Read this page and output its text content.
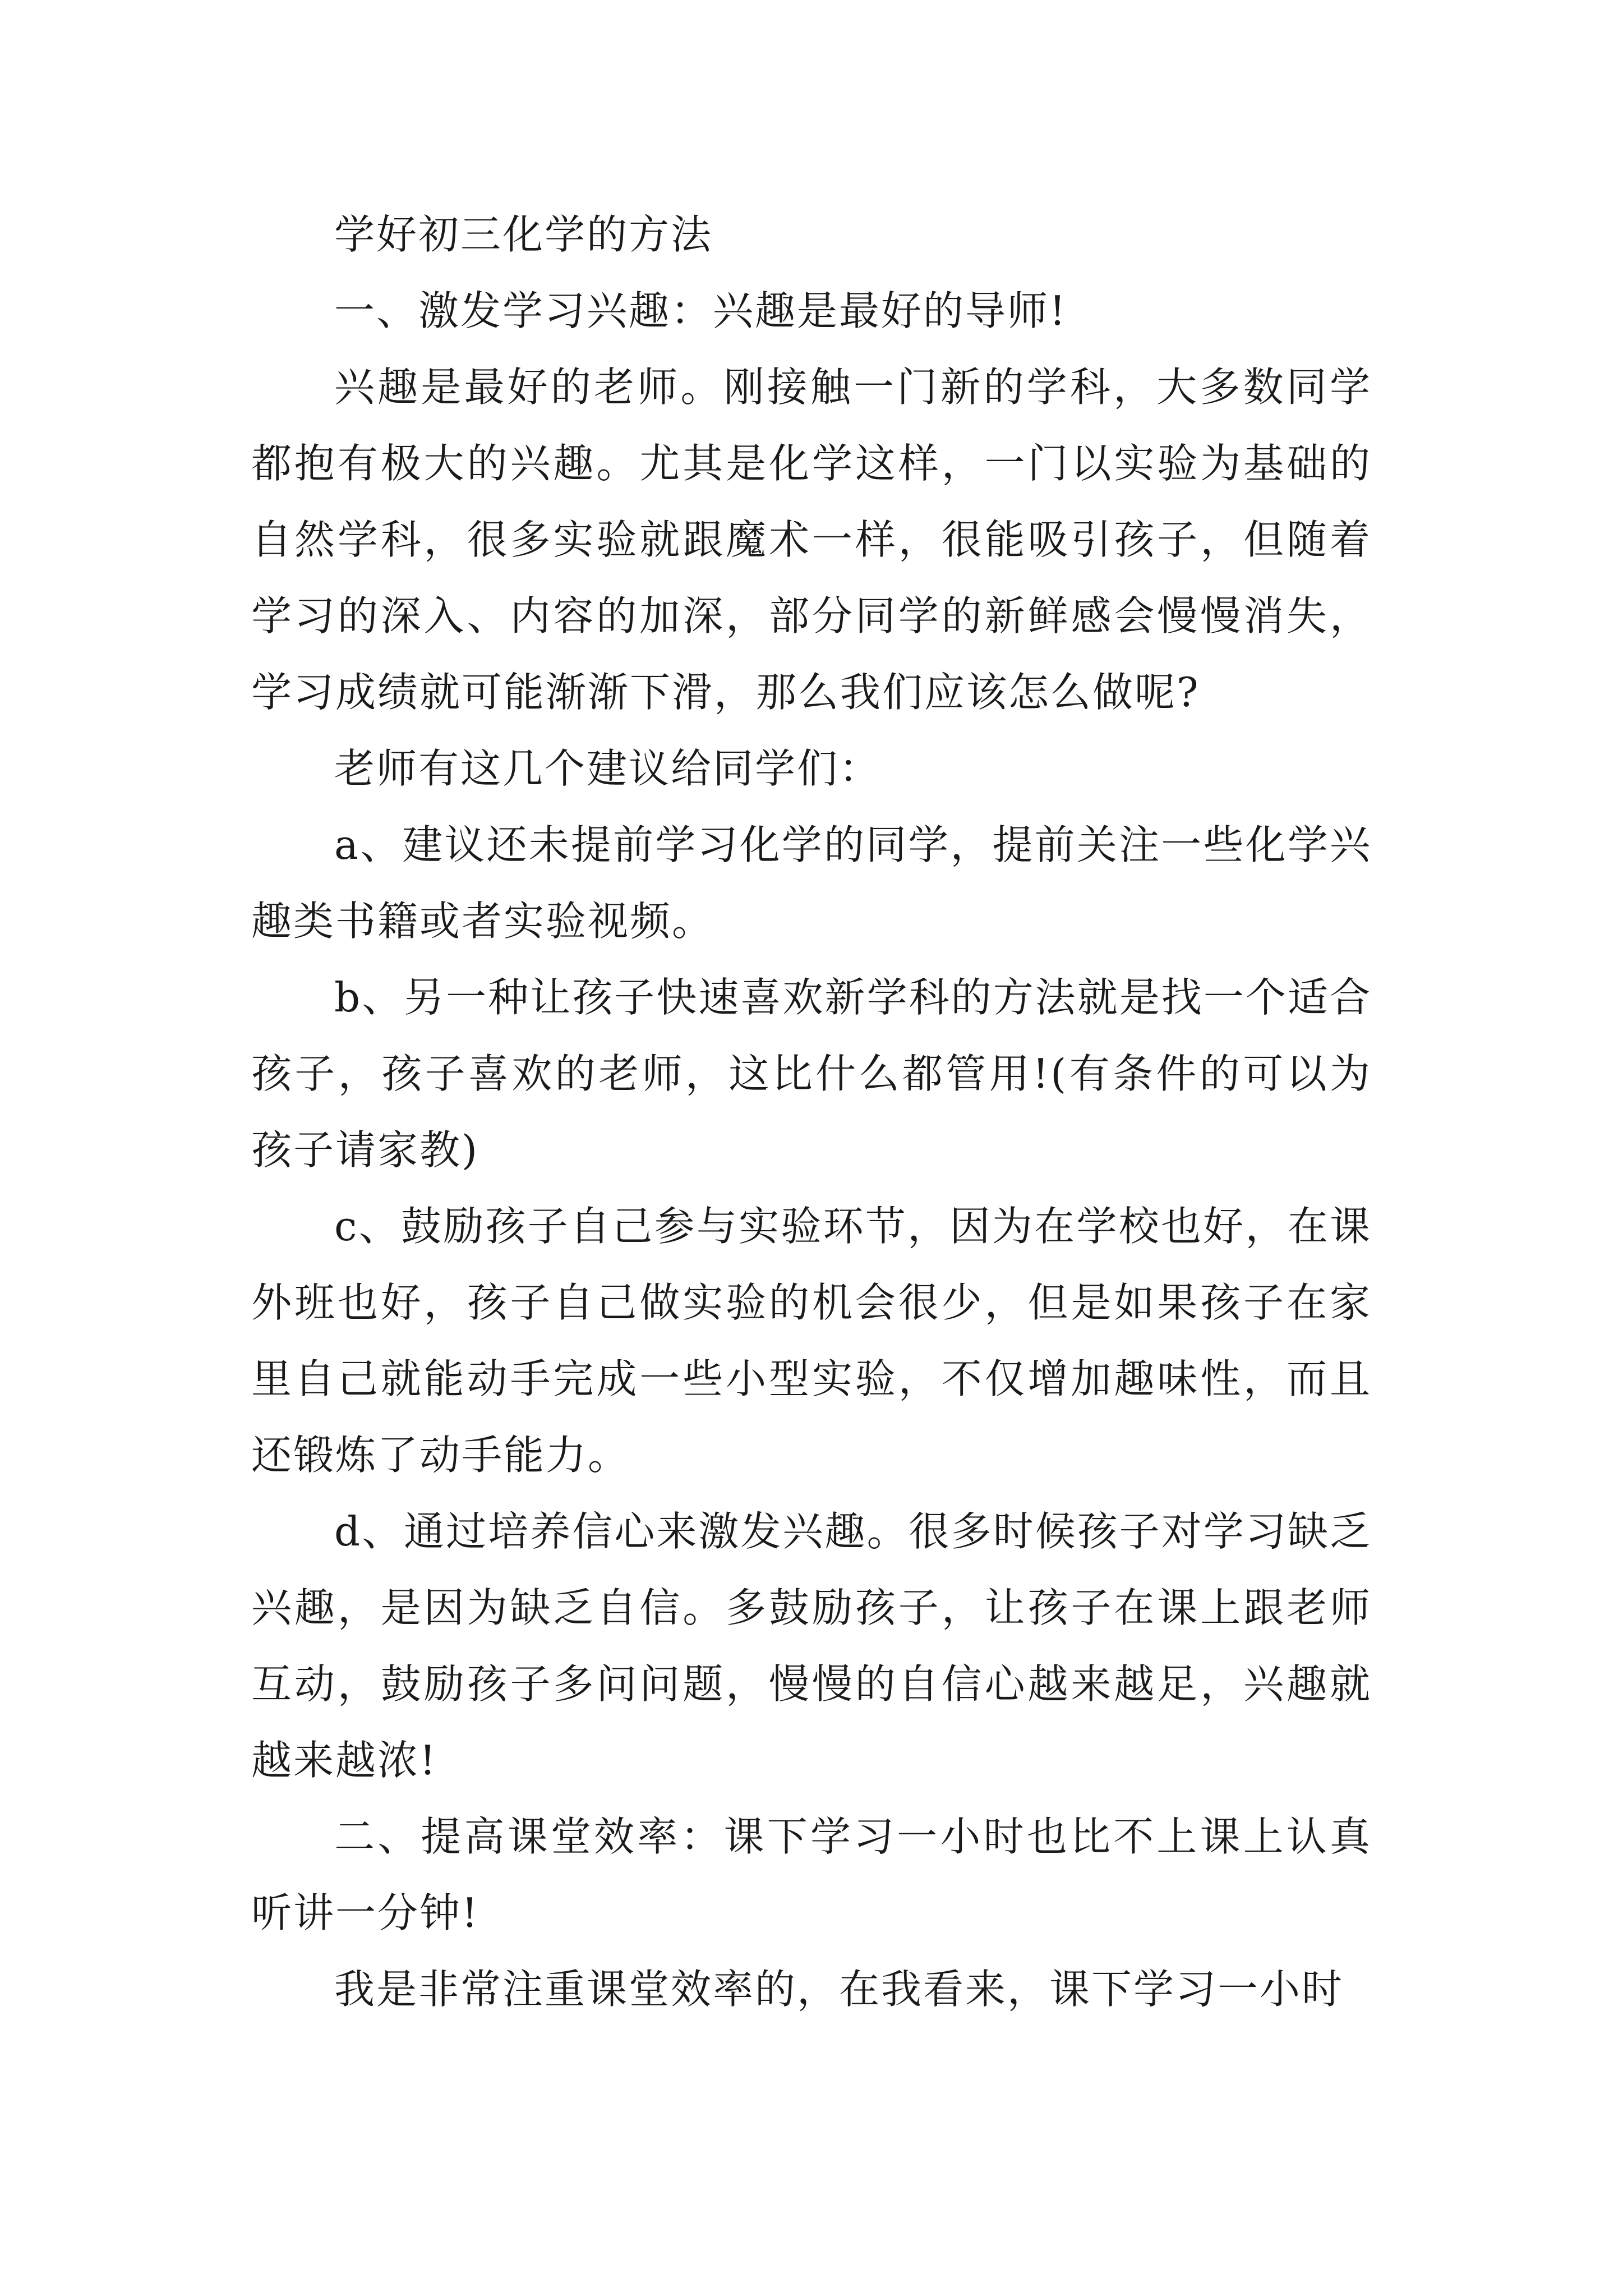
学好初三化学的方法

一、激发学习兴趣：兴趣是最好的导师!

兴趣是最好的老师。刚接触一门新的学科，大多数同学都抱有极大的兴趣。尤其是化学这样，一门以实验为基础的自然学科，很多实验就跟魔术一样，很能吸引孩子，但随着学习的深入、内容的加深，部分同学的新鲜感会慢慢消失，学习成绩就可能渐渐下滑，那么我们应该怎么做呢?

老师有这几个建议给同学们：

a、建议还未提前学习化学的同学，提前关注一些化学兴趣类书籍或者实验视频。

b、另一种让孩子快速喜欢新学科的方法就是找一个适合孩子，孩子喜欢的老师，这比什么都管用!(有条件的可以为孩子请家教)

c、鼓励孩子自己参与实验环节，因为在学校也好，在课外班也好，孩子自己做实验的机会很少，但是如果孩子在家里自己就能动手完成一些小型实验，不仅增加趣味性，而且还锻炼了动手能力。

d、通过培养信心来激发兴趣。很多时候孩子对学习缺乏兴趣，是因为缺乏自信。多鼓励孩子，让孩子在课上跟老师互动，鼓励孩子多问问题，慢慢的自信心越来越足，兴趣就越来越浓!

二、提高课堂效率：课下学习一小时也比不上课上认真听讲一分钟!

我是非常注重课堂效率的，在我看来，课下学习一小时
